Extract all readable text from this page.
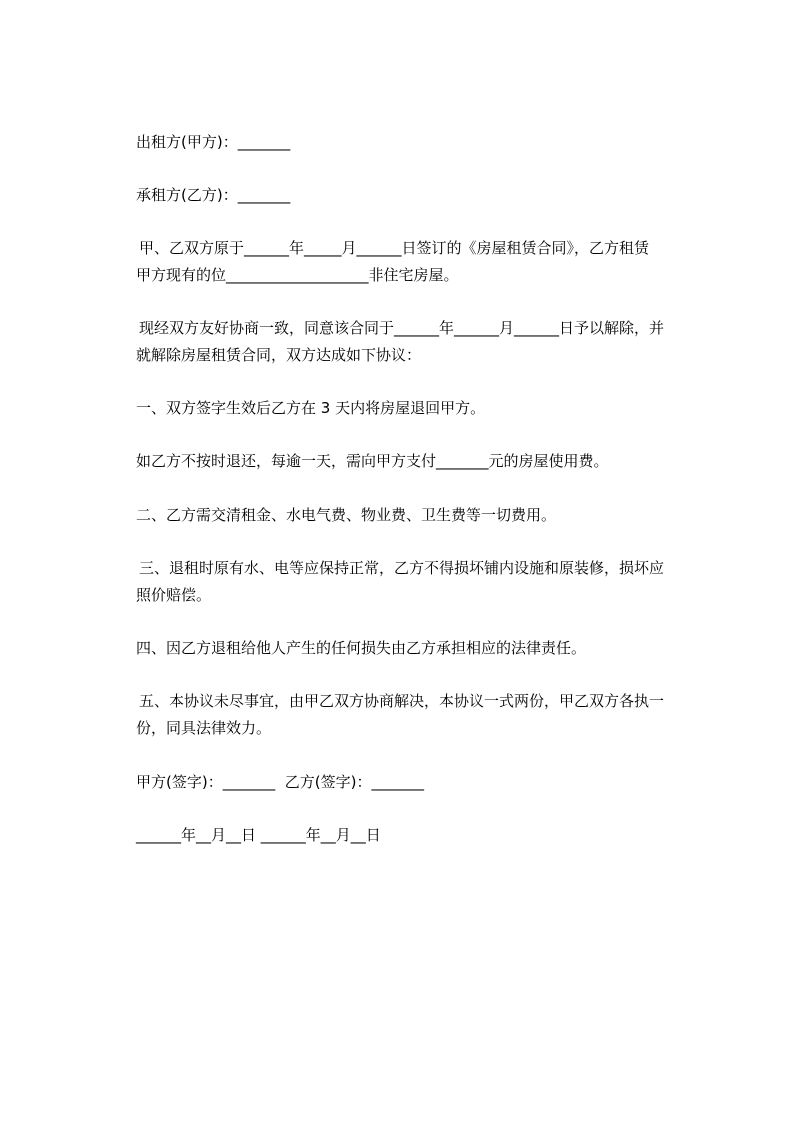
出租方(甲方)：_______
承租方(乙方)：_______
甲、乙双方原于______年_____月______日签订的《房屋租赁合同》，乙方租赁
甲方现有的位___________________非住宅房屋。
现经双方友好协商一致，同意该合同于______年______月______日予以解除，并
就解除房屋租赁合同，双方达成如下协议：
一、双方签字生效后乙方在 3 天内将房屋退回甲方。
如乙方不按时退还，每逾一天，需向甲方支付_______元的房屋使用费。
二、乙方需交清租金、水电气费、物业费、卫生费等一切费用。
三、退租时原有水、电等应保持正常，乙方不得损坏铺内设施和原装修，损坏应
照价赔偿。
四、因乙方退租给他人产生的任何损失由乙方承担相应的法律责任。
五、本协议未尽事宜，由甲乙双方协商解决，本协议一式两份，甲乙双方各执一
份，同具法律效力。
甲方(签字)：_______  乙方(签字)：_______
______年__月__日 ______年__月__日
